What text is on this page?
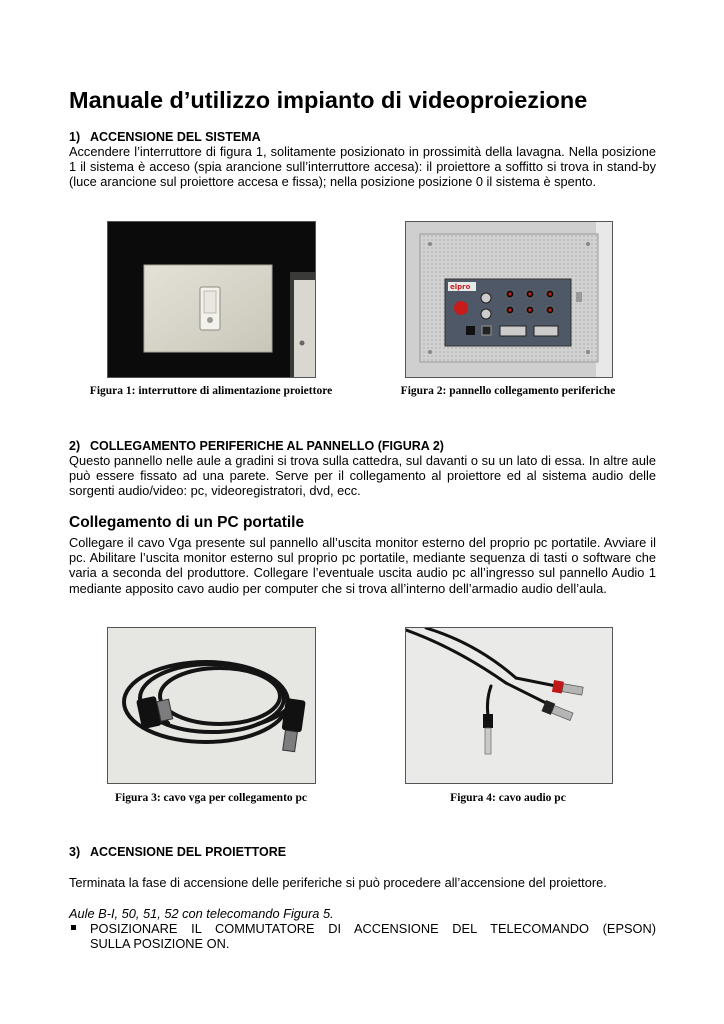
Manuale d’utilizzo impianto di videoproiezione
1) ACCENSIONE DEL SISTEMA
Accendere l’interruttore di figura 1, solitamente posizionato in prossimità della lavagna. Nella posizione 1 il sistema è acceso (spia arancione sull’interruttore accesa): il proiettore a soffitto si trova in stand-by (luce arancione sul proiettore accesa e fissa); nella posizione posizione 0 il sistema è spento.
Figura 1: interruttore di alimentazione proiettore
elpro
Figura 2: pannello collegamento periferiche
2) COLLEGAMENTO PERIFERICHE AL PANNELLO (FIGURA 2)
Questo pannello nelle aule a gradini si trova sulla cattedra, sul davanti o su un lato di essa. In altre aule può essere fissato ad una parete. Serve per il collegamento al proiettore ed al sistema audio delle sorgenti audio/video: pc, videoregistratori, dvd, ecc.
Collegamento di un PC portatile
Collegare il cavo Vga presente sul pannello all’uscita monitor esterno del proprio pc portatile. Avviare il pc. Abilitare l’uscita monitor esterno sul proprio pc portatile, mediante sequenza di tasti o software che varia a seconda del produttore. Collegare l’eventuale uscita audio pc all’ingresso sul pannello Audio 1 mediante apposito cavo audio per computer che si trova all’interno dell’armadio audio dell’aula.
Figura 3: cavo vga per collegamento pc	Figura 4: cavo audio pc
3) ACCENSIONE DEL PROIETTORE
Terminata la fase di accensione delle periferiche si può procedere all’accensione del proiettore.
Aule B-I, 50, 51, 52 con telecomando Figura 5.
POSIZIONARE IL COMMUTATORE DI ACCENSIONE DEL TELECOMANDO (EPSON)
SULLA POSIZIONE ON.
